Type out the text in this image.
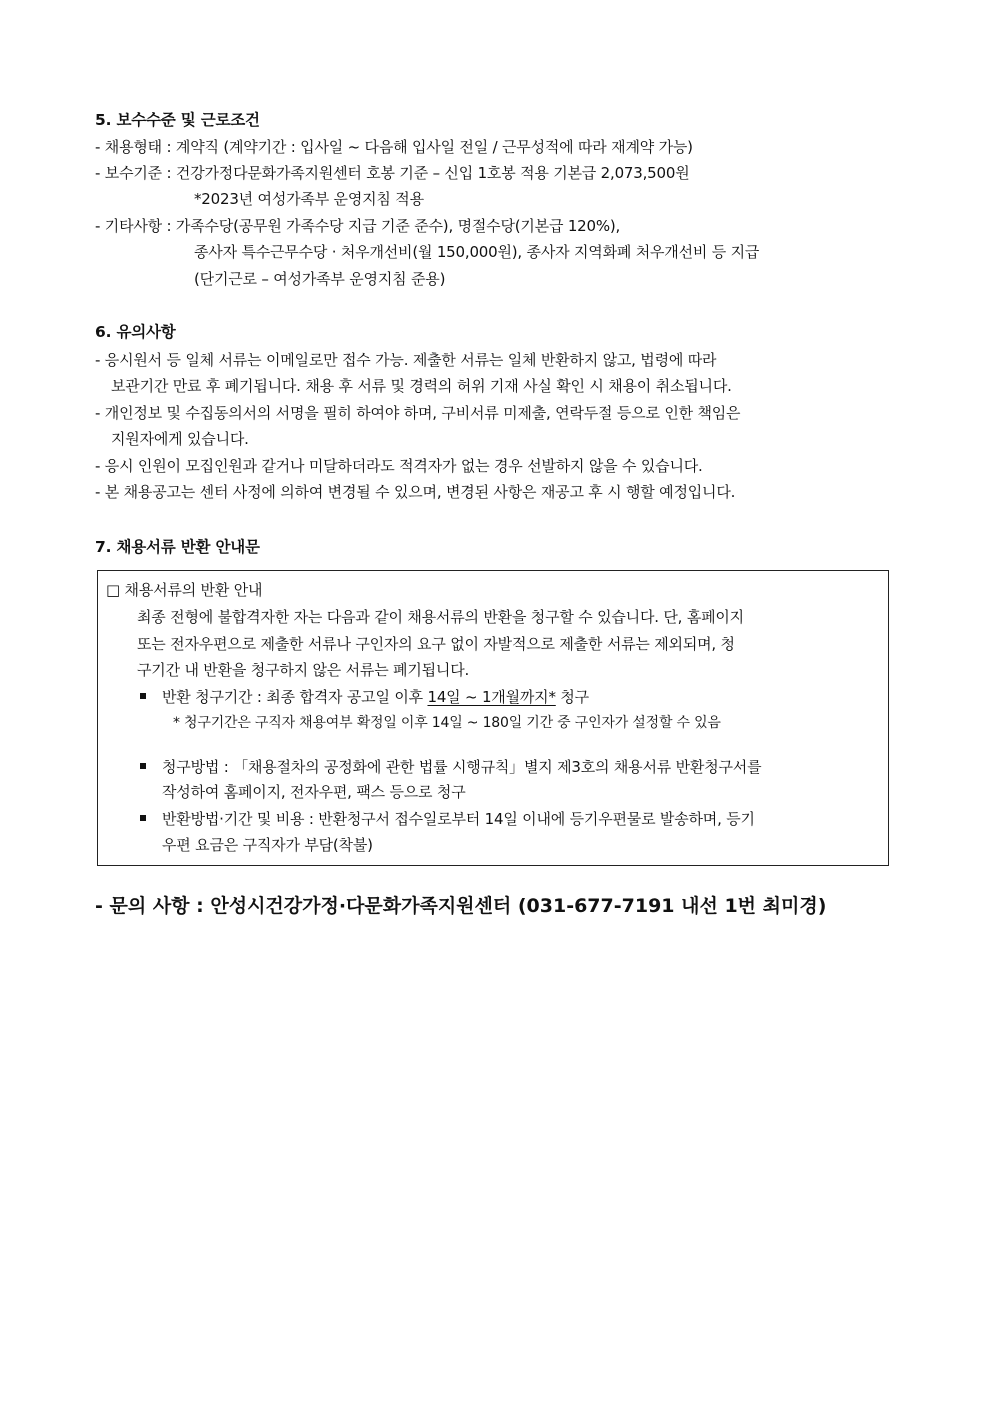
5. 보수수준 및 근로조건
- 채용형태 : 계약직 (계약기간 : 입사일 ~ 다음해 입사일 전일 / 근무성적에 따라 재계약 가능)
- 보수기준 : 건강가정다문화가족지원센터 호봉 기준 – 신입 1호봉 적용 기본급 2,073,500원
*2023년 여성가족부 운영지침 적용
- 기타사항 : 가족수당(공무원 가족수당 지급 기준 준수), 명절수당(기본급 120%),
종사자 특수근무수당 · 처우개선비(월 150,000원), 종사자 지역화폐 처우개선비 등 지급
(단기근로 – 여성가족부 운영지침 준용)
6. 유의사항
- 응시원서 등 일체 서류는 이메일로만 접수 가능. 제출한 서류는 일체 반환하지 않고, 법령에 따라
보관기간 만료 후 폐기됩니다. 채용 후 서류 및 경력의 허위 기재 사실 확인 시 채용이 취소됩니다.
- 개인정보 및 수집동의서의 서명을 필히 하여야 하며, 구비서류 미제출, 연락두절 등으로 인한 책임은
지원자에게 있습니다.
- 응시 인원이 모집인원과 같거나 미달하더라도 적격자가 없는 경우 선발하지 않을 수 있습니다.
- 본 채용공고는 센터 사정에 의하여 변경될 수 있으며, 변경된 사항은 재공고 후 시 행할 예정입니다.
7. 채용서류 반환 안내문
□ 채용서류의 반환 안내
최종 전형에 불합격자한 자는 다음과 같이 채용서류의 반환을 청구할 수 있습니다. 단, 홈페이지
또는 전자우편으로 제출한 서류나 구인자의 요구 없이 자발적으로 제출한 서류는 제외되며, 청
구기간 내 반환을 청구하지 않은 서류는 폐기됩니다.
반환 청구기간 : 최종 합격자 공고일 이후 14일 ~ 1개월까지* 청구
* 청구기간은 구직자 채용여부 확정일 이후 14일 ~ 180일 기간 중 구인자가 설정할 수 있음
청구방법 : 「채용절차의 공정화에 관한 법률 시행규칙」별지 제3호의 채용서류 반환청구서를
작성하여 홈페이지, 전자우편, 팩스 등으로 청구
반환방법·기간 및 비용 : 반환청구서 접수일로부터 14일 이내에 등기우편물로 발송하며, 등기
우편 요금은 구직자가 부담(착불)
- 문의 사항 : 안성시건강가정·다문화가족지원센터 (031-677-7191 내선 1번 최미경)
